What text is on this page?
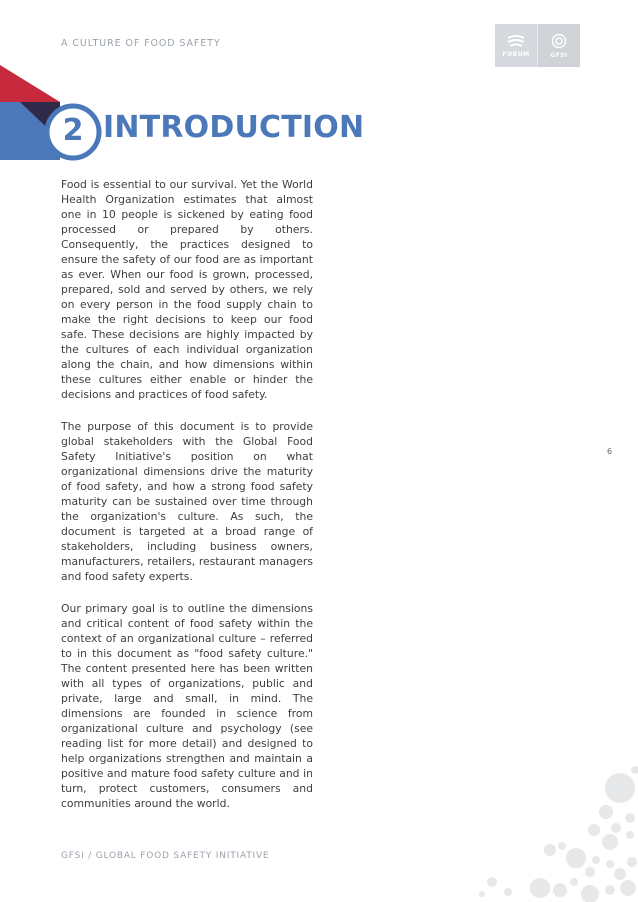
A CULTURE OF FOOD SAFETY
FORUM	GFSI
2 INTRODUCTION

Food is essential to our survival. Yet the World Health Organization estimates that almost one in 10 people is sickened by eating food processed or prepared by others. Consequently, the practices designed to ensure the safety of our food are as important as ever. When our food is grown, processed, prepared, sold and served by others, we rely on every person in the food supply chain to make the right decisions to keep our food safe. These decisions are highly impacted by the cultures of each individual organization along the chain, and how dimensions within these cultures either enable or hinder the decisions and practices of food safety.

The purpose of this document is to provide global stakeholders with the Global Food Safety Initiative's position on what organizational dimensions drive the maturity of food safety, and how a strong food safety maturity can be sustained over time through the organization's culture. As such, the document is targeted at a broad range of stakeholders, including business owners, manufacturers, retailers, restaurant managers and food safety experts.

Our primary goal is to outline the dimensions and critical content of food safety within the context of an organizational culture – referred to in this document as "food safety culture." The content presented here has been written with all types of organizations, public and private, large and small, in mind. The dimensions are founded in science from organizational culture and psychology (see reading list for more detail) and designed to help organizations strengthen and maintain a positive and mature food safety culture and in turn, protect customers, consumers and communities around the world.

6
GFSI / GLOBAL FOOD SAFETY INITIATIVE
